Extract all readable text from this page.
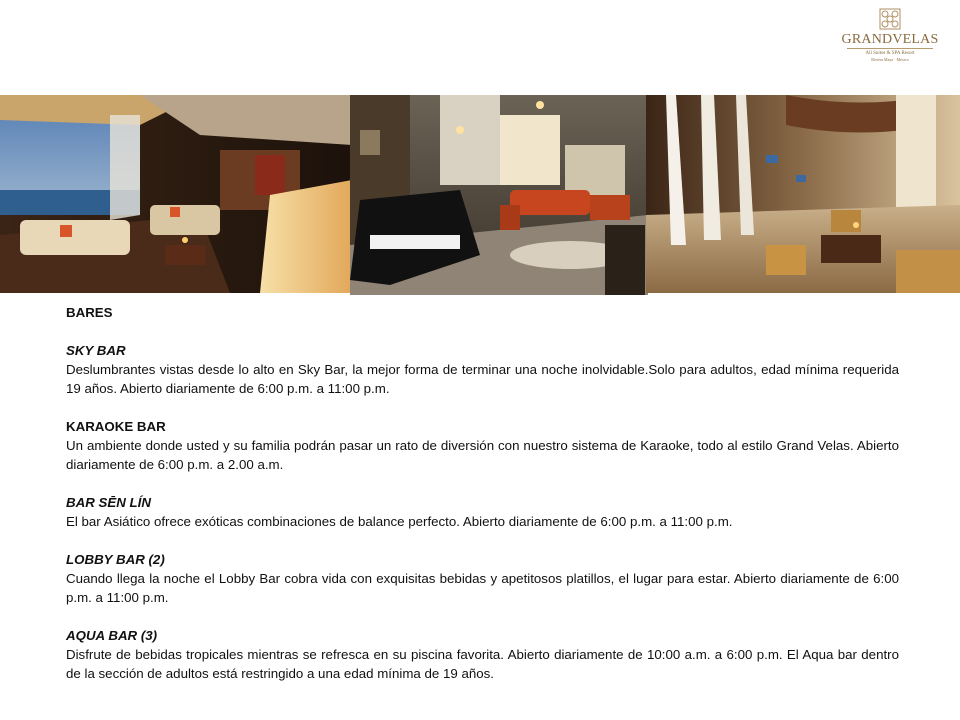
GRANDVELAS
All Suites & SPA Resort
Riviera Maya · México

BARES

SKY BAR

Deslumbrantes vistas desde lo alto en Sky Bar, la mejor forma de terminar una noche inolvidable.Solo para adultos, edad mínima requerida 19 años. Abierto diariamente de 6:00 p.m. a 11:00 p.m.

KARAOKE BAR

Un ambiente donde usted y su familia podrán pasar un rato de diversión con nuestro sistema de Karaoke, todo al estilo Grand Velas. Abierto diariamente de 6:00 p.m. a 2.00 a.m.

BAR SĒN LÍN

El bar Asiático ofrece exóticas combinaciones de balance perfecto. Abierto diariamente de 6:00 p.m. a 11:00 p.m.

LOBBY BAR (2)

Cuando llega la noche el Lobby Bar cobra vida con exquisitas bebidas y apetitosos platillos, el lugar para estar. Abierto diariamente de 6:00 p.m. a 11:00 p.m.

AQUA BAR (3)

Disfrute de bebidas tropicales mientras se refresca en su piscina favorita. Abierto diariamente de 10:00 a.m. a 6:00 p.m. El Aqua bar dentro de la sección de adultos está restringido a una edad mínima de 19 años.
